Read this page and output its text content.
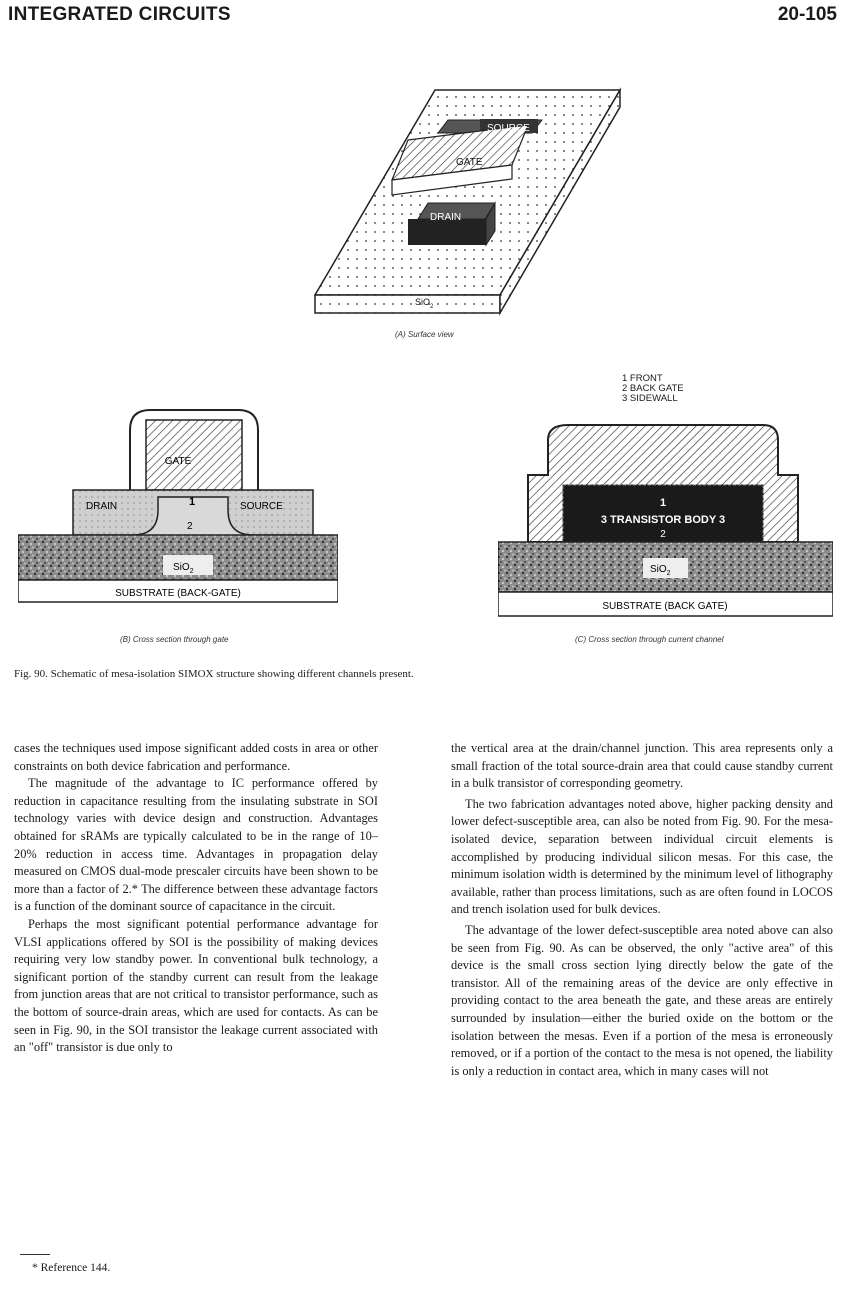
INTEGRATED CIRCUITS	20-105
SOURCE
GATE
DRAIN
SiO$_2$
(A) Surface view
GATE
DRAIN	SOURCE
1
2
SiO$_2$
SUBSTRATE (BACK-GATE)
(B) Cross section through gate
1 FRONT
2 BACK GATE
3 SIDEWALL
1
3 TRANSISTOR BODY 3
2
SiO$_2$
SUBSTRATE (BACK GATE)
(C) Cross section through current channel
Fig. 90. Schematic of mesa-isolation SIMOX structure showing different channels present.

cases the techniques used impose significant added costs in area or other constraints on both device fabrication and performance.

The magnitude of the advantage to IC performance offered by reduction in capacitance resulting from the insulating substrate in SOI technology varies with device design and construction. Advantages obtained for sRAMs are typically calculated to be in the range of 10–20% reduction in access time. Advantages in propagation delay measured on CMOS dual-mode prescaler circuits have been shown to be more than a factor of 2.* The difference between these advantage factors is a function of the dominant source of capacitance in the circuit.

Perhaps the most significant potential performance advantage for VLSI applications offered by SOI is the possibility of making devices requiring very low standby power. In conventional bulk technology, a significant portion of the standby current can result from the leakage from junction areas that are not critical to transistor performance, such as the bottom of source-drain areas, which are used for contacts. As can be seen in Fig. 90, in the SOI transistor the leakage current associated with an "off" transistor is due only to

the vertical area at the drain/channel junction. This area represents only a small fraction of the total source-drain area that could cause standby current in a bulk transistor of corresponding geometry.

The two fabrication advantages noted above, higher packing density and lower defect-susceptible area, can also be noted from Fig. 90. For the mesa-isolated device, separation between individual circuit elements is accomplished by producing individual silicon mesas. For this case, the minimum isolation width is determined by the minimum level of lithography available, rather than process limitations, such as are often found in LOCOS and trench isolation used for bulk devices.

The advantage of the lower defect-susceptible area noted above can also be seen from Fig. 90. As can be observed, the only "active area" of this device is the small cross section lying directly below the gate of the transistor. All of the remaining areas of the device are only effective in providing contact to the area beneath the gate, and these areas are entirely surrounded by insulation—either the buried oxide on the bottom or the isolation between the mesas. Even if a portion of the mesa is erroneously removed, or if a portion of the contact to the mesa is not opened, the liability is only a reduction in contact area, which in many cases will not

* Reference 144.
